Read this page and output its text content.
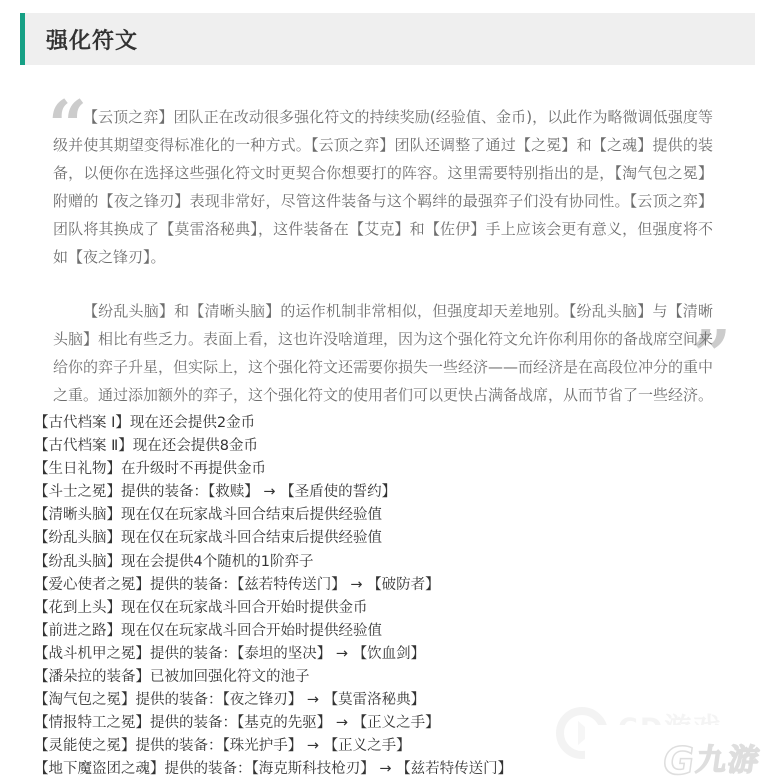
强化符文
“
”

【云顶之弈】团队正在改动很多强化符文的持续奖励(经验值、金币)，以此作为略微调低强度等级并使其期望变得标准化的一种方式。【云顶之弈】团队还调整了通过【之冕】和【之魂】提供的装备，以便你在选择这些强化符文时更契合你想要打的阵容。这里需要特别指出的是，【淘气包之冕】附赠的【夜之锋刃】表现非常好，尽管这件装备与这个羁绊的最强弈子们没有协同性。【云顶之弈】团队将其换成了【莫雷洛秘典】，这件装备在【艾克】和【佐伊】手上应该会更有意义，但强度将不如【夜之锋刃】。

【纷乱头脑】和【清晰头脑】的运作机制非常相似，但强度却天差地别。【纷乱头脑】与【清晰头脑】相比有些乏力。表面上看，这也许没啥道理，因为这个强化符文允许你利用你的备战席空间来给你的弈子升星，但实际上，这个强化符文还需要你损失一些经济——而经济是在高段位冲分的重中之重。通过添加额外的弈子，这个强化符文的使用者们可以更快占满备战席，从而节省了一些经济。

【古代档案 Ⅰ】现在还会提供2金币
【古代档案 Ⅱ】现在还会提供8金币
【生日礼物】在升级时不再提供金币
【斗士之冕】提供的装备：【救赎】 → 【圣盾使的誓约】
【清晰头脑】现在仅在玩家战斗回合结束后提供经验值
【纷乱头脑】现在仅在玩家战斗回合结束后提供经验值
【纷乱头脑】现在会提供4个随机的1阶弈子
【爱心使者之冕】提供的装备：【兹若特传送门】 → 【破防者】
【花到上头】现在仅在玩家战斗回合开始时提供金币
【前进之路】现在仅在玩家战斗回合开始时提供经验值
【战斗机甲之冕】提供的装备：【泰坦的坚决】 → 【饮血剑】
【潘朵拉的装备】已被加回强化符文的池子
【淘气包之冕】提供的装备：【夜之锋刃】 → 【莫雷洛秘典】
【情报特工之冕】提供的装备：【基克的先驱】 → 【正义之手】
【灵能使之冕】提供的装备：【珠光护手】 → 【正义之手】
【地下魔盗团之魂】提供的装备：【海克斯科技枪刃】 → 【兹若特传送门】	G
九游
